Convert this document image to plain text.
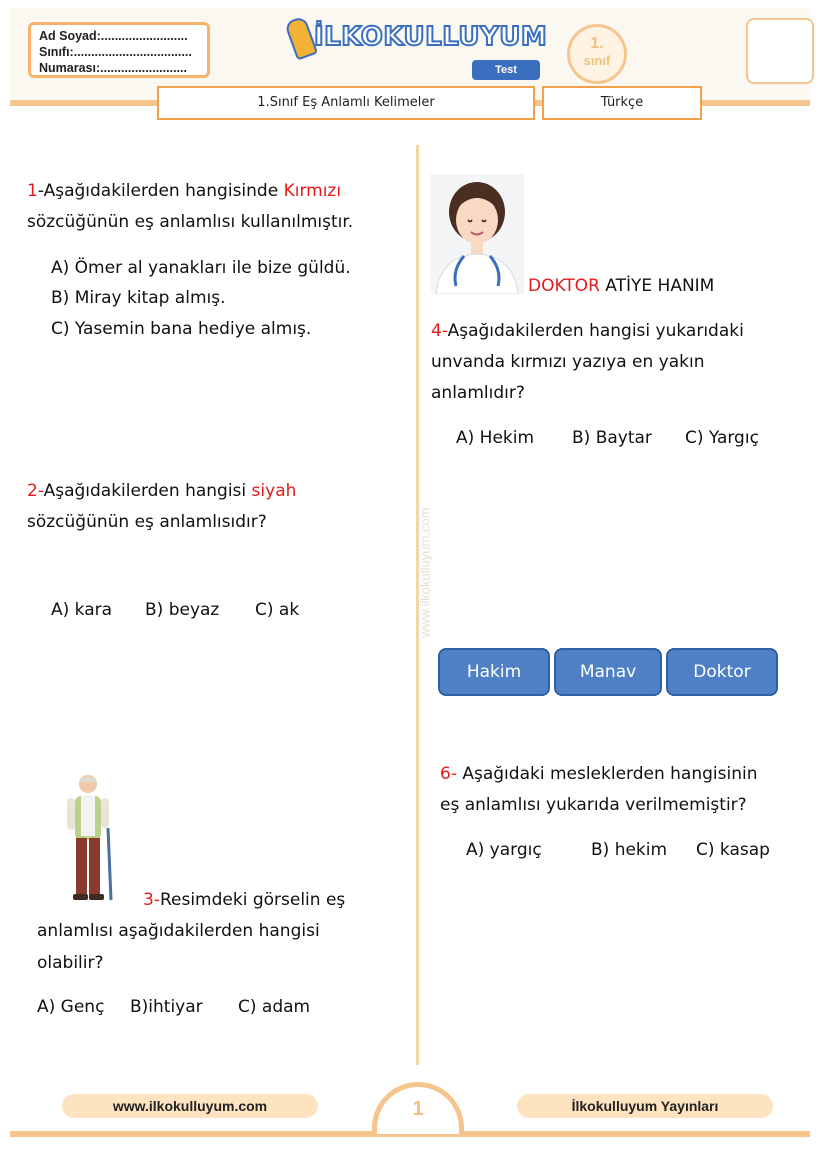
Ad Soyad:.........................
Sınıfı:..................................
Numarası:.........................
İLKOKULLUYUM
Test
1.
sınıf
1.Sınıf Eş Anlamlı Kelimeler	Türkçe
www.ilkokulluyum.com
1-Aşağıdakilerden hangisinde Kırmızı
sözcüğünün eş anlamlısı kullanılmıştır.
A) Ömer al yanakları ile bize güldü.
B) Miray kitap almış.
C) Yasemin bana hediye almış.
2-Aşağıdakilerden hangisi siyah
sözcüğünün eş anlamlısıdır?
A) kara B) beyaz C) ak
3-Resimdeki görselin eş
anlamlısı aşağıdakilerden hangisi
olabilir?
A) Genç B)ihtiyar C) adam
DOKTOR ATİYE HANIM
4-Aşağıdakilerden hangisi yukarıdaki
unvanda kırmızı yazıya en yakın
anlamlıdır?
A) Hekim B) Baytar C) Yargıç
Hakim	Manav	Doktor
6- Aşağıdaki mesleklerden hangisinin
eş anlamlısı yukarıda verilmemiştir?
A) yargıç	B) hekim C) kasap
www.ilkokulluyum.com	İlkokulluyum Yayınları
1
